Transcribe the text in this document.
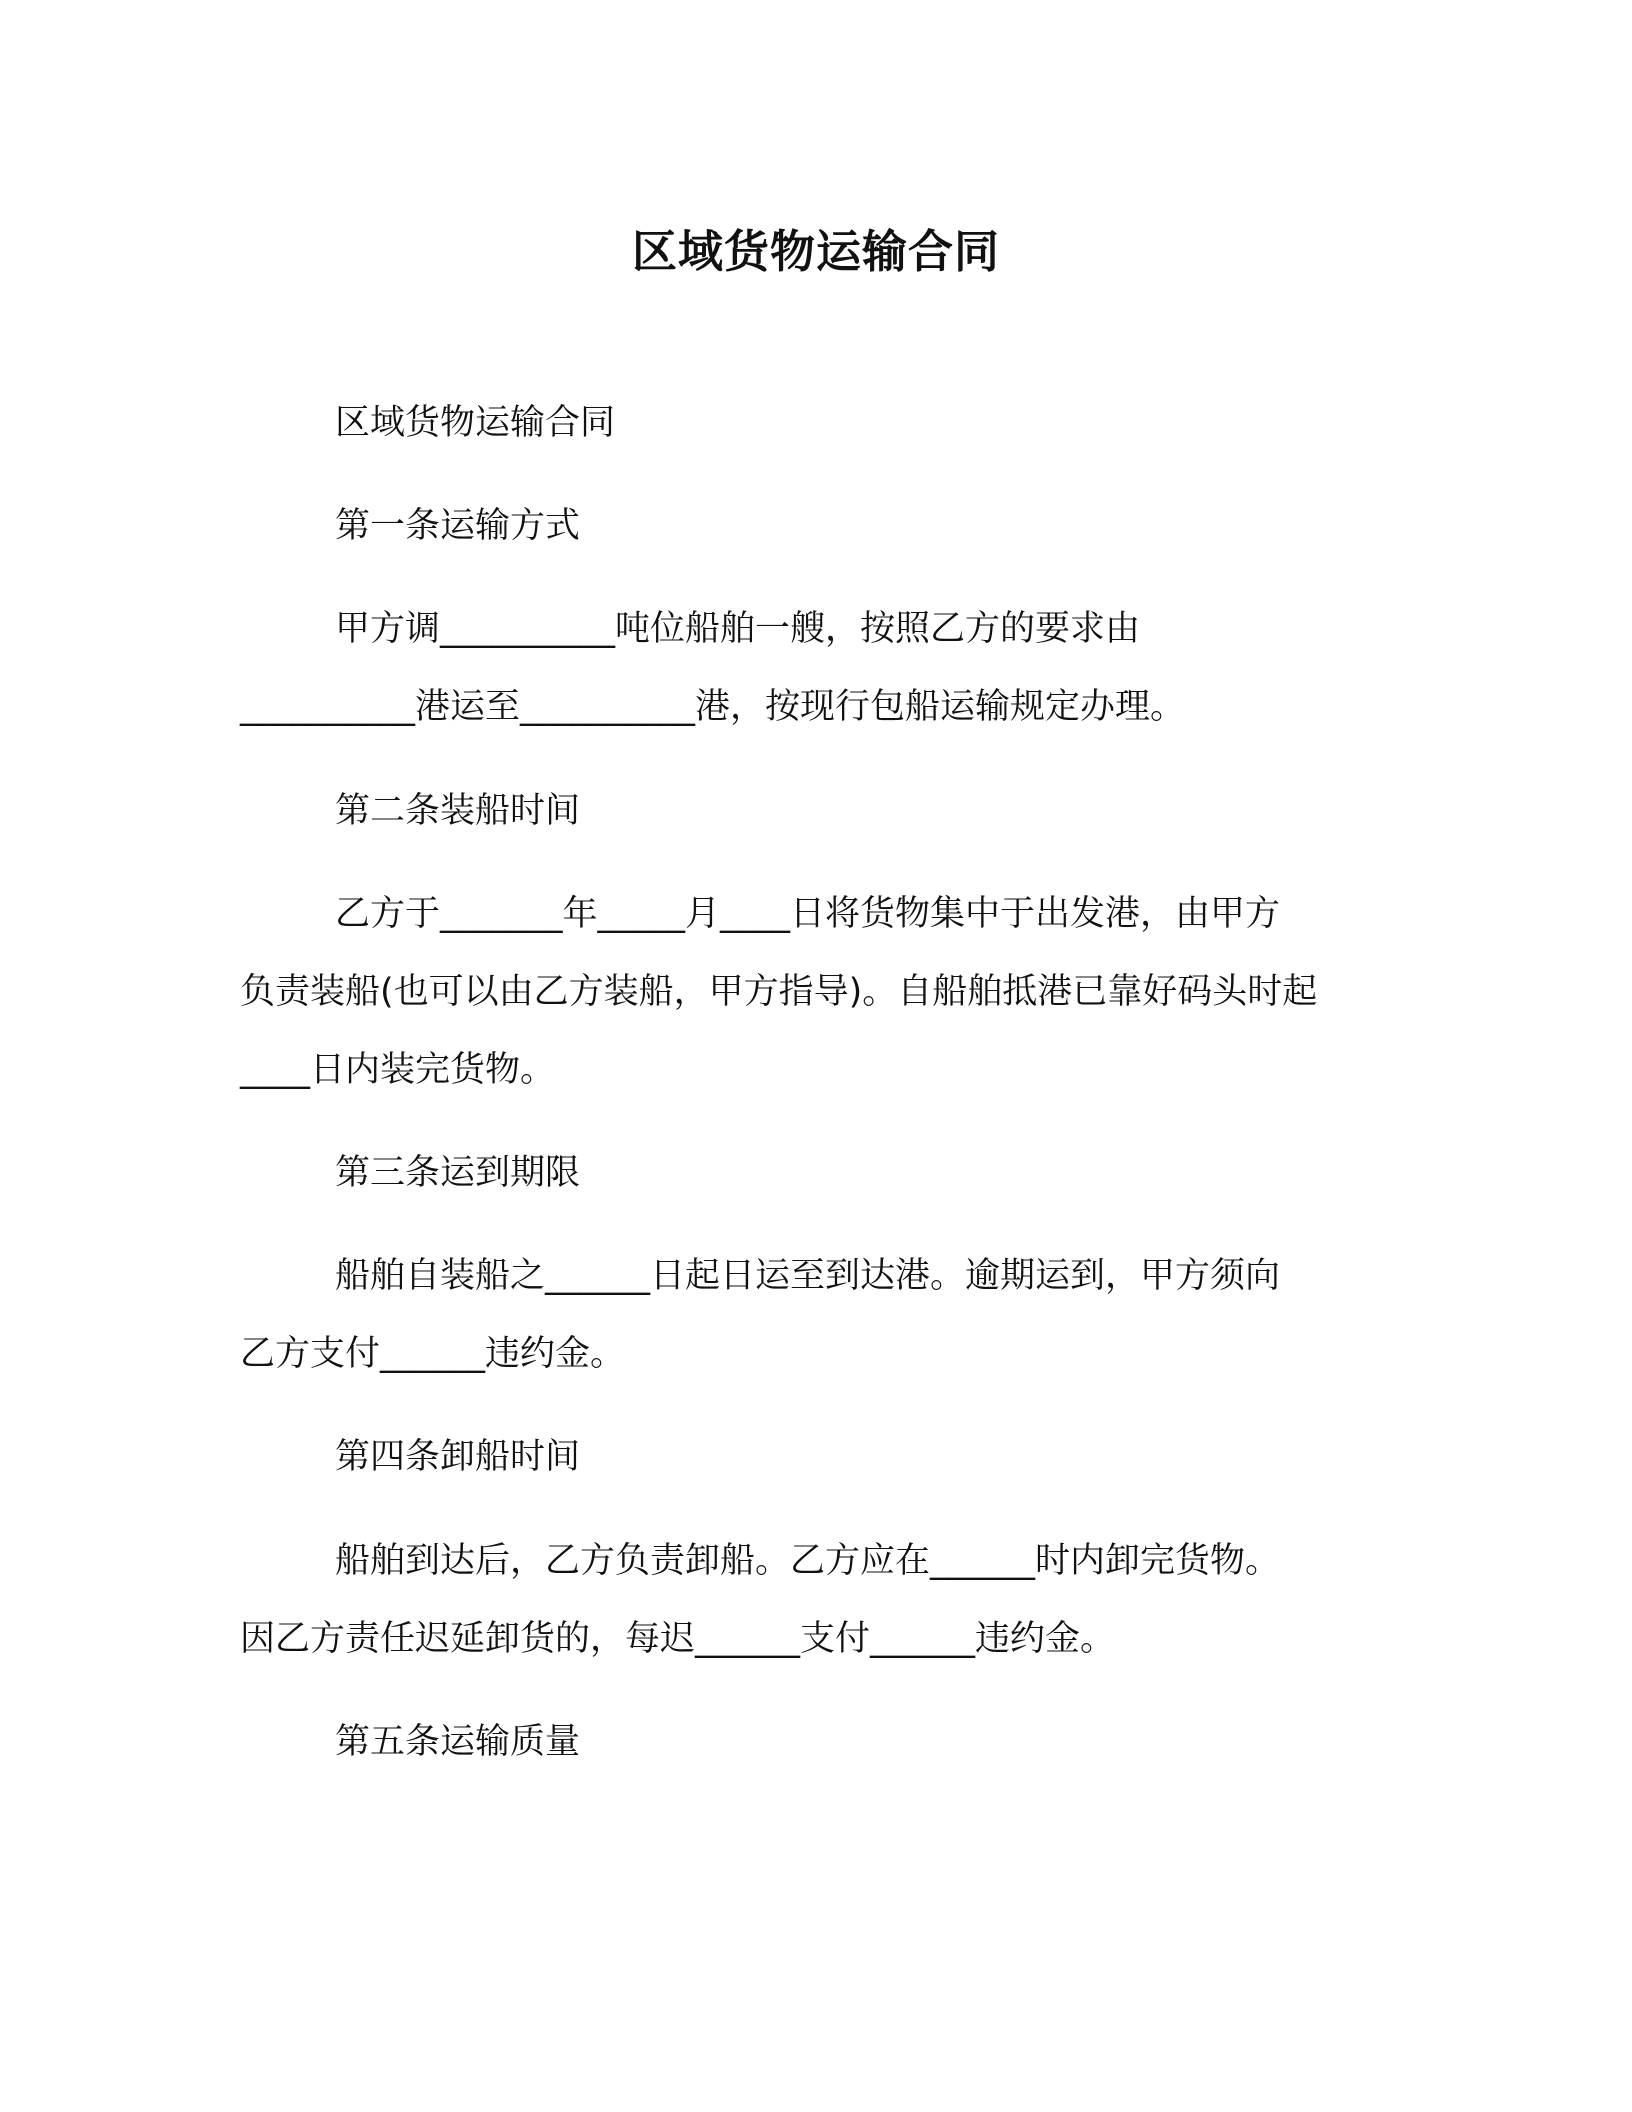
区域货物运输合同
区域货物运输合同
第一条运输方式
甲方调__________吨位船舶一艘，按照乙方的要求由
__________港运至__________港，按现行包船运输规定办理。
第二条装船时间
乙方于_______年_____月____日将货物集中于出发港，由甲方
负责装船(也可以由乙方装船，甲方指导)。自船舶抵港已靠好码头时起
____日内装完货物。
第三条运到期限
船舶自装船之______日起日运至到达港。逾期运到，甲方须向
乙方支付______违约金。
第四条卸船时间
船舶到达后，乙方负责卸船。乙方应在______时内卸完货物。
因乙方责任迟延卸货的，每迟______支付______违约金。
第五条运输质量
